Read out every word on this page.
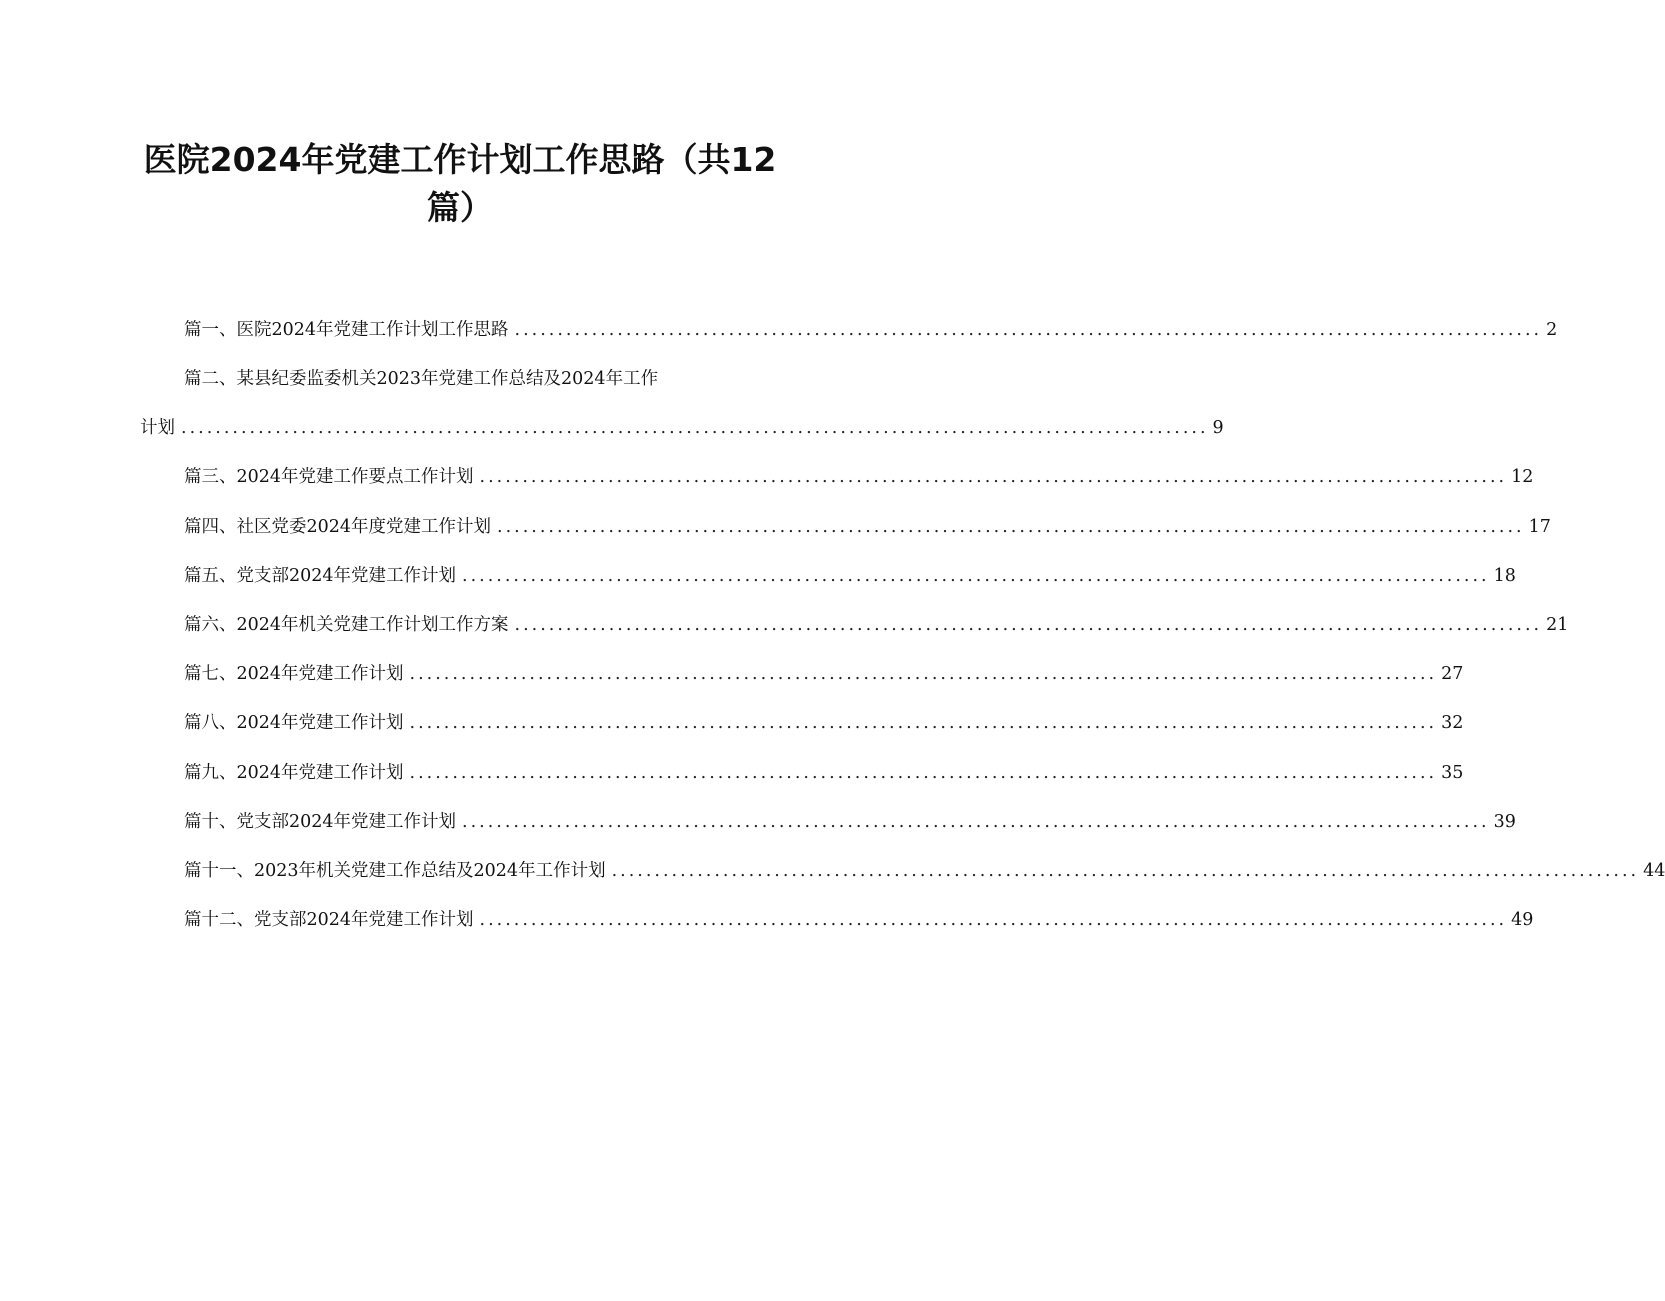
医院2024年党建工作计划工作思路（共12
篇）
篇一、医院2024年党建工作计划工作思路 ........................................................................................................................ 2
篇二、某县纪委监委机关2023年党建工作总结及2024年工作
计划 ........................................................................................................................ 9
篇三、2024年党建工作要点工作计划 ........................................................................................................................ 12
篇四、社区党委2024年度党建工作计划 ........................................................................................................................ 17
篇五、党支部2024年党建工作计划 ........................................................................................................................ 18
篇六、2024年机关党建工作计划工作方案 ........................................................................................................................ 21
篇七、2024年党建工作计划 ........................................................................................................................ 27
篇八、2024年党建工作计划 ........................................................................................................................ 32
篇九、2024年党建工作计划 ........................................................................................................................ 35
篇十、党支部2024年党建工作计划 ........................................................................................................................ 39
篇十一、2023年机关党建工作总结及2024年工作计划 ........................................................................................................................ 44
篇十二、党支部2024年党建工作计划 ........................................................................................................................ 49
